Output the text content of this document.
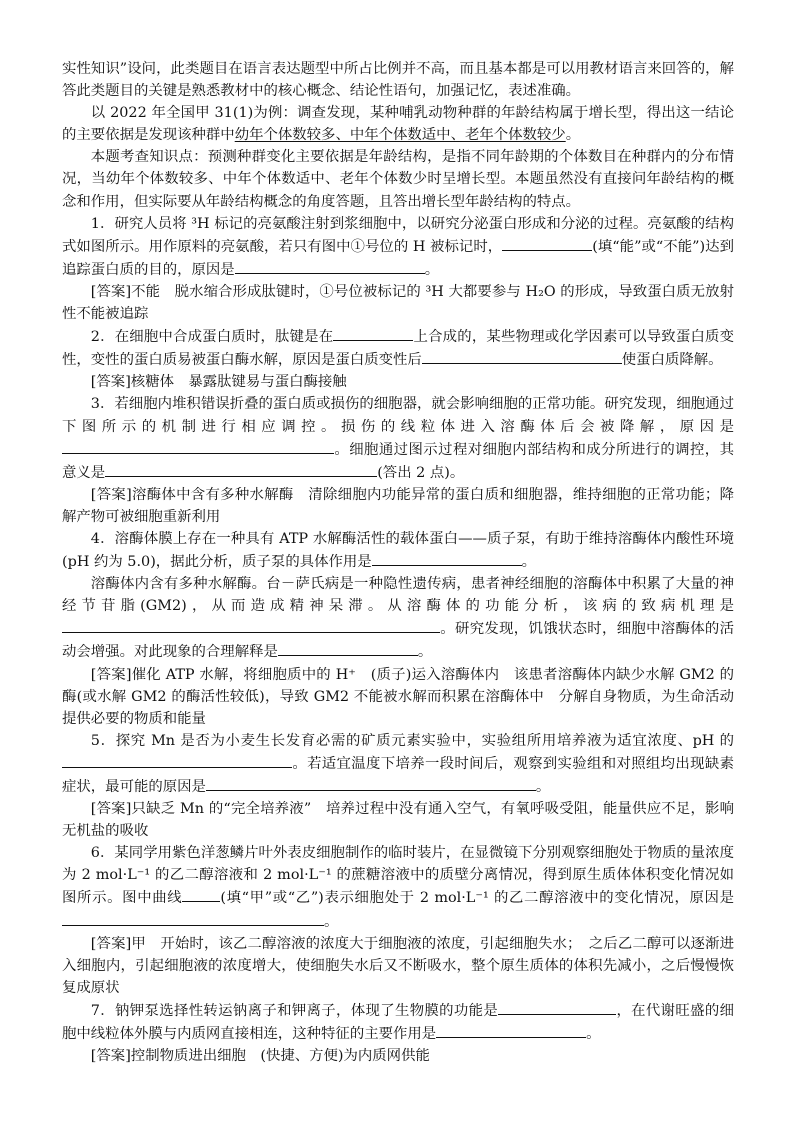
实性知识”设问，此类题目在语言表达题型中所占比例并不高，而且基本都是可以用教材语言来回答的，解答此类题目的关键是熟悉教材中的核心概念、结论性语句，加强记忆，表述准确。

以 2022 年全国甲 31(1)为例：调查发现，某种哺乳动物种群的年龄结构属于增长型，得出这一结论的主要依据是发现该种群中幼年个体数较多、中年个体数适中、老年个体数较少。

本题考查知识点：预测种群变化主要依据是年龄结构，是指不同年龄期的个体数目在种群内的分布情况，当幼年个体数较多、中年个体数适中、老年个体数少时呈增长型。本题虽然没有直接问年龄结构的概念和作用，但实际要从年龄结构概念的角度答题，且答出增长型年龄结构的特点。

1．研究人员将 ³H 标记的亮氨酸注射到浆细胞中，以研究分泌蛋白形成和分泌的过程。亮氨酸的结构式如图所示。用作原料的亮氨酸，若只有图中①号位的 H 被标记时，	(填“能”或“不能”)达到追踪蛋白质的目的，原因是	。

[答案]不能　脱水缩合形成肽键时，①号位被标记的 ³H 大都要参与 H₂O 的形成，导致蛋白质无放射性不能被追踪

2．在细胞中合成蛋白质时，肽键是在	上合成的，某些物理或化学因素可以导致蛋白质变性，变性的蛋白质易被蛋白酶水解，原因是蛋白质变性后	使蛋白质降解。

[答案]核糖体　暴露肽键易与蛋白酶接触

3．若细胞内堆积错误折叠的蛋白质或损伤的细胞器，就会影响细胞的正常功能。研究发现，细胞通过下图所示的机制进行相应调控。损伤的线粒体进入溶酶体后会被降解，原因是。细胞通过图示过程对细胞内部结构和成分所进行的调控，其意义是	(答出 2 点)。

[答案]溶酶体中含有多种水解酶　清除细胞内功能异常的蛋白质和细胞器，维持细胞的正常功能；降解产物可被细胞重新利用

4．溶酶体膜上存在一种具有 ATP 水解酶活性的载体蛋白——质子泵，有助于维持溶酶体内酸性环境(pH 约为 5.0)，据此分析，质子泵的具体作用是	。

溶酶体内含有多种水解酶。台－萨氏病是一种隐性遗传病，患者神经细胞的溶酶体中积累了大量的神经节苷脂(GM2)，从而造成精神呆滞。从溶酶体的功能分析，该病的致病机理是。研究发现，饥饿状态时，细胞中溶酶体的活动会增强。对此现象的合理解释是	。

[答案]催化 ATP 水解，将细胞质中的 H⁺　(质子)运入溶酶体内　该患者溶酶体内缺少水解 GM2 的酶(或水解 GM2 的酶活性较低)，导致 GM2 不能被水解而积累在溶酶体中　分解自身物质，为生命活动提供必要的物质和能量

5．探究 Mn 是否为小麦生长发育必需的矿质元素实验中，实验组所用培养液为适宜浓度、pH 的。若适宜温度下培养一段时间后，观察到实验组和对照组均出现缺素症状，最可能的原因是	。

[答案]只缺乏 Mn 的“完全培养液”　培养过程中没有通入空气，有氧呼吸受阻，能量供应不足，影响无机盐的吸收

6．某同学用紫色洋葱鳞片叶外表皮细胞制作的临时装片，在显微镜下分别观察细胞处于物质的量浓度为 2 mol·L⁻¹ 的乙二醇溶液和 2 mol·L⁻¹ 的蔗糖溶液中的质壁分离情况，得到原生质体体积变化情况如图所示。图中曲线	(填“甲”或“乙”)表示细胞处于 2 mol·L⁻¹ 的乙二醇溶液中的变化情况，原因是。

[答案]甲　开始时，该乙二醇溶液的浓度大于细胞液的浓度，引起细胞失水；　之后乙二醇可以逐渐进入细胞内，引起细胞液的浓度增大，使细胞失水后又不断吸水，整个原生质体的体积先减小，之后慢慢恢复成原状

7．钠钾泵选择性转运钠离子和钾离子，体现了生物膜的功能是	，在代谢旺盛的细胞中线粒体外膜与内质网直接相连，这种特征的主要作用是	。

[答案]控制物质进出细胞　(快捷、方便)为内质网供能
